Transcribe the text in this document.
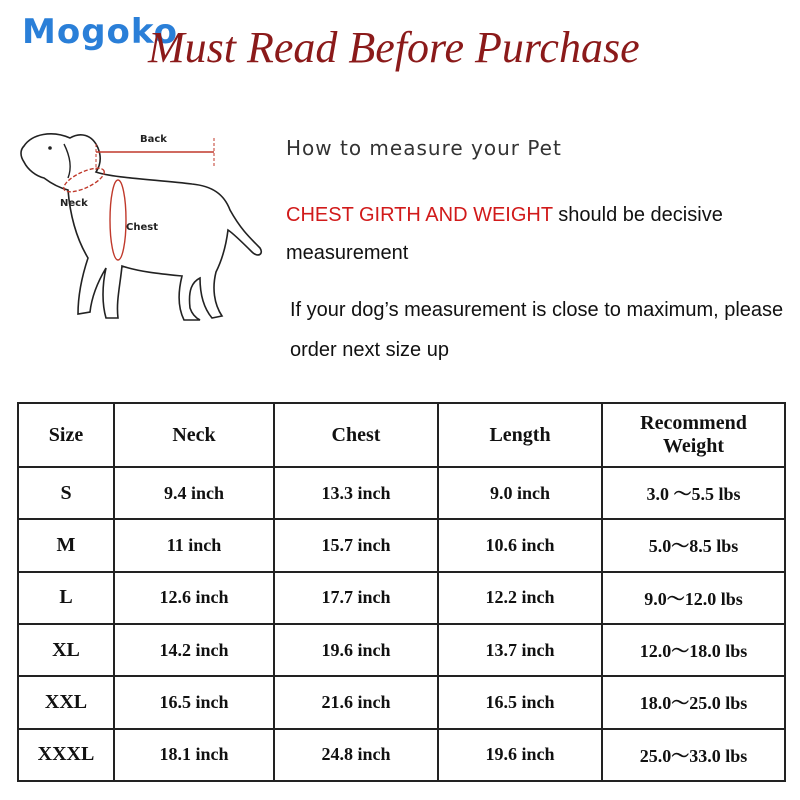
Mogoko
Must Read Before Purchase
Back
Neck
Chest
How to measure your Pet
CHEST GIRTH AND WEIGHT should be decisive measurement
If your dog’s measurement is close to maximum, please order next size up
Size	Neck	Chest	Length	Recommend Weight
S	9.4 inch	13.3 inch	9.0 inch	3.0 ～5.5 lbs
M	11 inch	15.7 inch	10.6 inch	5.0～8.5 lbs
L	12.6 inch	17.7 inch	12.2 inch	9.0～12.0 lbs
XL	14.2 inch	19.6 inch	13.7 inch	12.0～18.0 lbs
XXL	16.5 inch	21.6 inch	16.5 inch	18.0～25.0 lbs
XXXL	18.1 inch	24.8 inch	19.6 inch	25.0～33.0 lbs
